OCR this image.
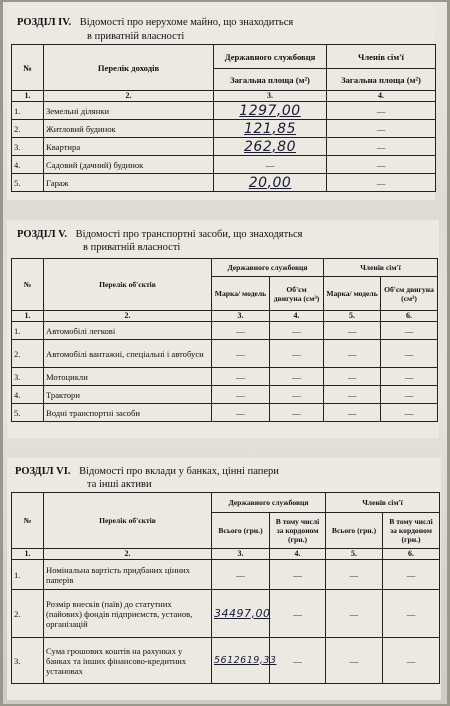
РОЗДІЛ IV. Відомості про нерухоме майно, що знаходиться
в приватній власності
№	Перелік доходів	Державного службовця	Членів сім'ї
		Загальна площа (м²)	Загальна площа (м²)
1.	2.	3.	4.
1.	Земельні ділянки	1297,00	—
2.	Житловий будинок	121,85	—
3.	Квартира	262,80	—
4.	Садовий (дачний) будинок	—	—
5.	Гараж	20,00	—
РОЗДІЛ V. Відомості про транспортні засоби, що знаходяться
в приватній власності
№	Перелік об'єктів	Державного службовця		Членів сім'ї	
		Марка/ модель	Об'єм двигуна (см³)	Марка/ модель	Об'єм двигуна (см³)
1.	2.	3.	4.	5.	6.
1.	Автомобілі легкові	—	—	—	—
2.	Автомобілі вантажні, спеціальні і автобуси	—	—	—	—
3.	Мотоцикли	—	—	—	—
4.	Трактори	—	—	—	—
5.	Водні транспортні засоби	—	—	—	—
РОЗДІЛ VI. Відомості про вклади у банках, цінні папери
та інші активи
№	Перелік об'єктів	Державного службовця		Членів сім'ї	
		Всього (грн.)	В тому числі за кордоном (грн.)	Всього (грн.)	В тому числі за кордоном (грн.)
1.	2.	3.	4.	5.	6.
1.	Номінальна вартість придбаних цінних паперів	—	—	—	—
2.	Розмір внесків (паїв) до статутних (пайових) фондів підприємств, установ, організацій	34497,00	—	—	—
3.	Сума грошових коштів на рахунках у банках та інших фінансово-кредитних установах	5612619,33	—	—	—
